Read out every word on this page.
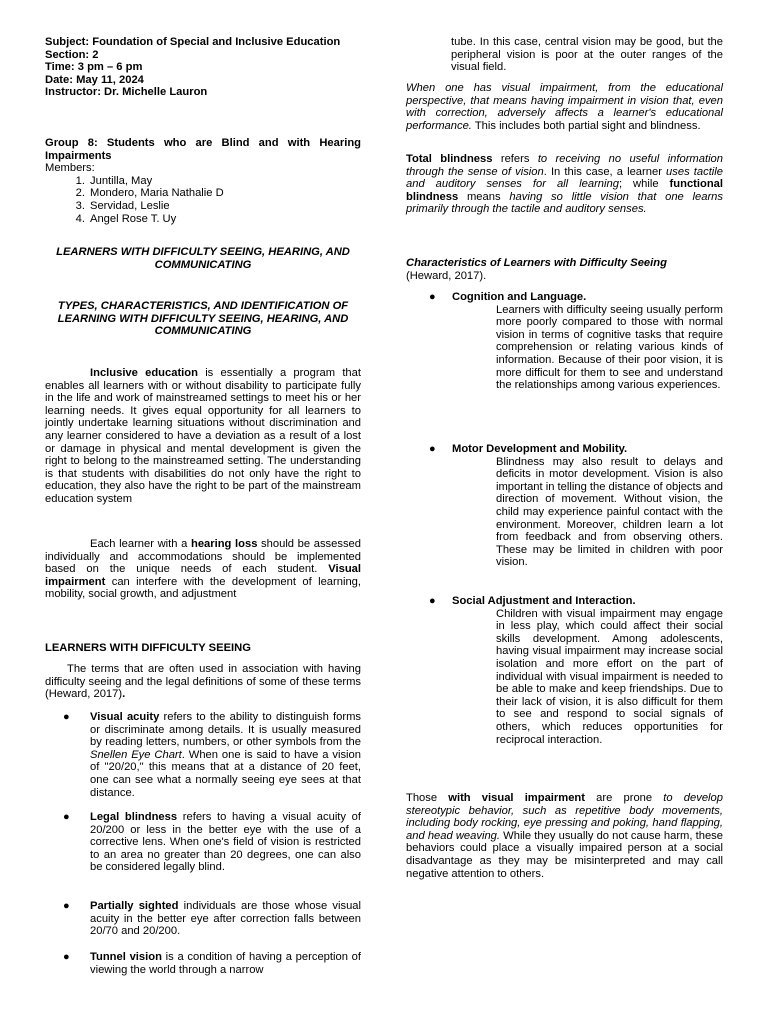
Subject: Foundation of Special and Inclusive Education
Section: 2
Time: 3 pm – 6 pm
Date: May 11, 2024
Instructor: Dr. Michelle Lauron
Group 8: Students who are Blind and with Hearing Impairments
Members:
1. Juntilla, May
2. Mondero, Maria Nathalie D
3. Servidad, Leslie
4. Angel Rose T. Uy
LEARNERS WITH DIFFICULTY SEEING, HEARING, AND COMMUNICATING
TYPES, CHARACTERISTICS, AND IDENTIFICATION OF LEARNING WITH DIFFICULTY SEEING, HEARING, AND COMMUNICATING

Inclusive education is essentially a program that enables all learners with or without disability to participate fully in the life and work of mainstreamed settings to meet his or her learning needs. It gives equal opportunity for all learners to jointly undertake learning situations without discrimination and any learner considered to have a deviation as a result of a lost or damage in physical and mental development is given the right to belong to the mainstreamed setting. The understanding is that students with disabilities do not only have the right to education, they also have the right to be part of the mainstream education system

Each learner with a hearing loss should be assessed individually and accommodations should be implemented based on the unique needs of each student. Visual impairment can interfere with the development of learning, mobility, social growth, and adjustment

LEARNERS WITH DIFFICULTY SEEING

The terms that are often used in association with having difficulty seeing and the legal definitions of some of these terms (Heward, 2017).

● Visual acuity refers to the ability to distinguish forms or discriminate among details. It is usually measured by reading letters, numbers, or other symbols from the Snellen Eye Chart. When one is said to have a vision of "20/20," this means that at a distance of 20 feet, one can see what a normally seeing eye sees at that distance.
● Legal blindness refers to having a visual acuity of 20/200 or less in the better eye with the use of a corrective lens. When one's field of vision is restricted to an area no greater than 20 degrees, one can also be considered legally blind.
● Partially sighted individuals are those whose visual acuity in the better eye after correction falls between 20/70 and 20/200.
● Tunnel vision is a condition of having a perception of viewing the world through a narrow

tube. In this case, central vision may be good, but the peripheral vision is poor at the outer ranges of the visual field.

When one has visual impairment, from the educational perspective, that means having impairment in vision that, even with correction, adversely affects a learner's educational performance. This includes both partial sight and blindness.

Total blindness refers to receiving no useful information through the sense of vision. In this case, a learner uses tactile and auditory senses for all learning; while functional blindness means having so little vision that one learns primarily through the tactile and auditory senses.

Characteristics of Learners with Difficulty Seeing
(Heward, 2017).

● Cognition and Language.
Learners with difficulty seeing usually perform more poorly compared to those with normal vision in terms of cognitive tasks that require comprehension or relating various kinds of information. Because of their poor vision, it is more difficult for them to see and understand the relationships among various experiences.
● Motor Development and Mobility.
Blindness may also result to delays and deficits in motor development. Vision is also important in telling the distance of objects and direction of movement. Without vision, the child may experience painful contact with the environment. Moreover, children learn a lot from feedback and from observing others. These may be limited in children with poor vision.
● Social Adjustment and Interaction.
Children with visual impairment may engage in less play, which could affect their social skills development. Among adolescents, having visual impairment may increase social isolation and more effort on the part of individual with visual impairment is needed to be able to make and keep friendships. Due to their lack of vision, it is also difficult for them to see and respond to social signals of others, which reduces opportunities for reciprocal interaction.

Those with visual impairment are prone to develop stereotypic behavior, such as repetitive body movements, including body rocking, eye pressing and poking, hand flapping, and head weaving. While they usually do not cause harm, these behaviors could place a visually impaired person at a social disadvantage as they may be misinterpreted and may call negative attention to others.
